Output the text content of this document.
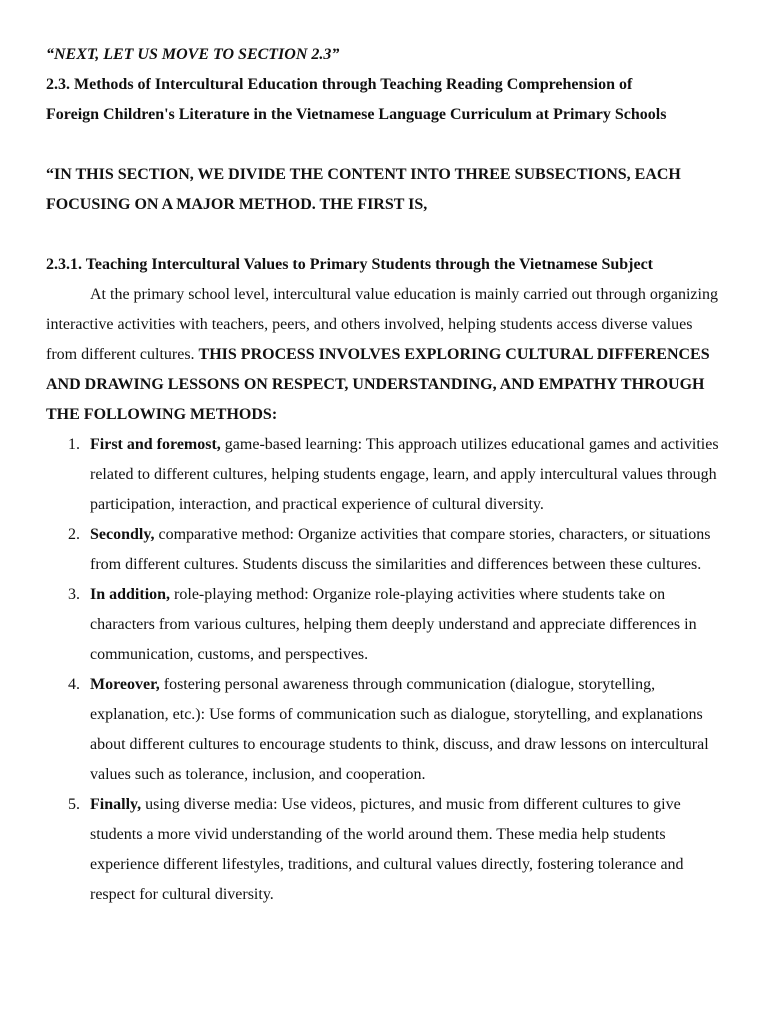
“NEXT, LET US MOVE TO SECTION 2.3”

2.3. Methods of Intercultural Education through Teaching Reading Comprehension of

Foreign Children's Literature in the Vietnamese Language Curriculum at Primary Schools

“IN THIS SECTION, WE DIVIDE THE CONTENT INTO THREE SUBSECTIONS, EACH

FOCUSING ON A MAJOR METHOD. THE FIRST IS,

2.3.1. Teaching Intercultural Values to Primary Students through the Vietnamese Subject

At the primary school level, intercultural value education is mainly carried out through organizing interactive activities with teachers, peers, and others involved, helping students access diverse values from different cultures. THIS PROCESS INVOLVES EXPLORING CULTURAL DIFFERENCES AND DRAWING LESSONS ON RESPECT, UNDERSTANDING, AND EMPATHY THROUGH THE FOLLOWING METHODS:

1. First and foremost, game-based learning: This approach utilizes educational games and activities related to different cultures, helping students engage, learn, and apply intercultural values through participation, interaction, and practical experience of cultural diversity.
2. Secondly, comparative method: Organize activities that compare stories, characters, or situations from different cultures. Students discuss the similarities and differences between these cultures.
3. In addition, role-playing method: Organize role-playing activities where students take on characters from various cultures, helping them deeply understand and appreciate differences in communication, customs, and perspectives.
4. Moreover, fostering personal awareness through communication (dialogue, storytelling, explanation, etc.): Use forms of communication such as dialogue, storytelling, and explanations about different cultures to encourage students to think, discuss, and draw lessons on intercultural values such as tolerance, inclusion, and cooperation.
5. Finally, using diverse media: Use videos, pictures, and music from different cultures to give students a more vivid understanding of the world around them. These media help students experience different lifestyles, traditions, and cultural values directly, fostering tolerance and respect for cultural diversity.
